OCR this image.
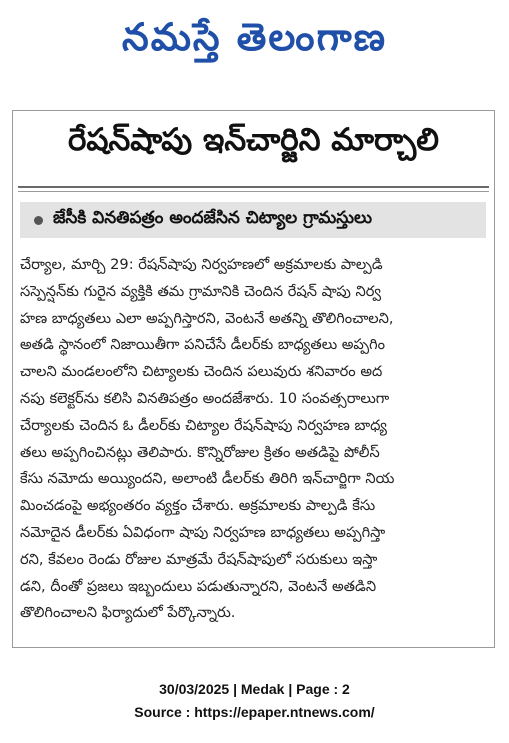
నమస్తే తెలంగాణ
రేషన్‌షాపు ఇన్‌చార్జిని మార్చాలి
జేసీకి వినతిపత్రం అందజేసిన చిట్యాల గ్రామస్తులు
చేర్యాల, మార్చి 29: రేషన్‌షాపు నిర్వహణలో అక్రమాలకు పాల్పడి
సస్పెన్షన్‌కు గురైన వ్యక్తికి తమ గ్రామానికి చెందిన రేషన్ షాపు నిర్వ
హణ బాధ్యతలు ఎలా అప్పగిస్తారని, వెంటనే అతన్ని తొలిగించాలని,
అతడి స్థానంలో నిజాయితీగా పనిచేసే డీలర్‌కు బాధ్యతలు అప్పగిం
చాలని మండలంలోని చిట్యాలకు చెందిన పలువురు శనివారం అద
నపు కలెక్టర్‌ను కలిసి వినతిపత్రం అందజేశారు. 10 సంవత్సరాలుగా
చేర్యాలకు చెందిన ఓ డీలర్‌కు చిట్యాల రేషన్‌షాపు నిర్వహణ బాధ్య
తలు అప్పగించినట్లు తెలిపారు. కొన్నిరోజుల క్రితం అతడిపై పోలీస్
కేసు నమోదు అయ్యిందని, అలాంటి డీలర్‌కు తిరిగి ఇన్‌చార్జిగా నియ
మించడంపై అభ్యంతరం వ్యక్తం చేశారు. అక్రమాలకు పాల్పడి కేసు
నమోదైన డీలర్‌కు ఏవిధంగా షాపు నిర్వహణ బాధ్యతలు అప్పగిస్తా
రని, కేవలం రెండు రోజుల మాత్రమే రేషన్‌షాపులో సరుకులు ఇస్తా
డని, దీంతో ప్రజలు ఇబ్బందులు పడుతున్నారని, వెంటనే అతడిని
తొలిగించాలని ఫిర్యాదులో పేర్కొన్నారు.
30/03/2025 | Medak | Page : 2
Source : https://epaper.ntnews.com/
